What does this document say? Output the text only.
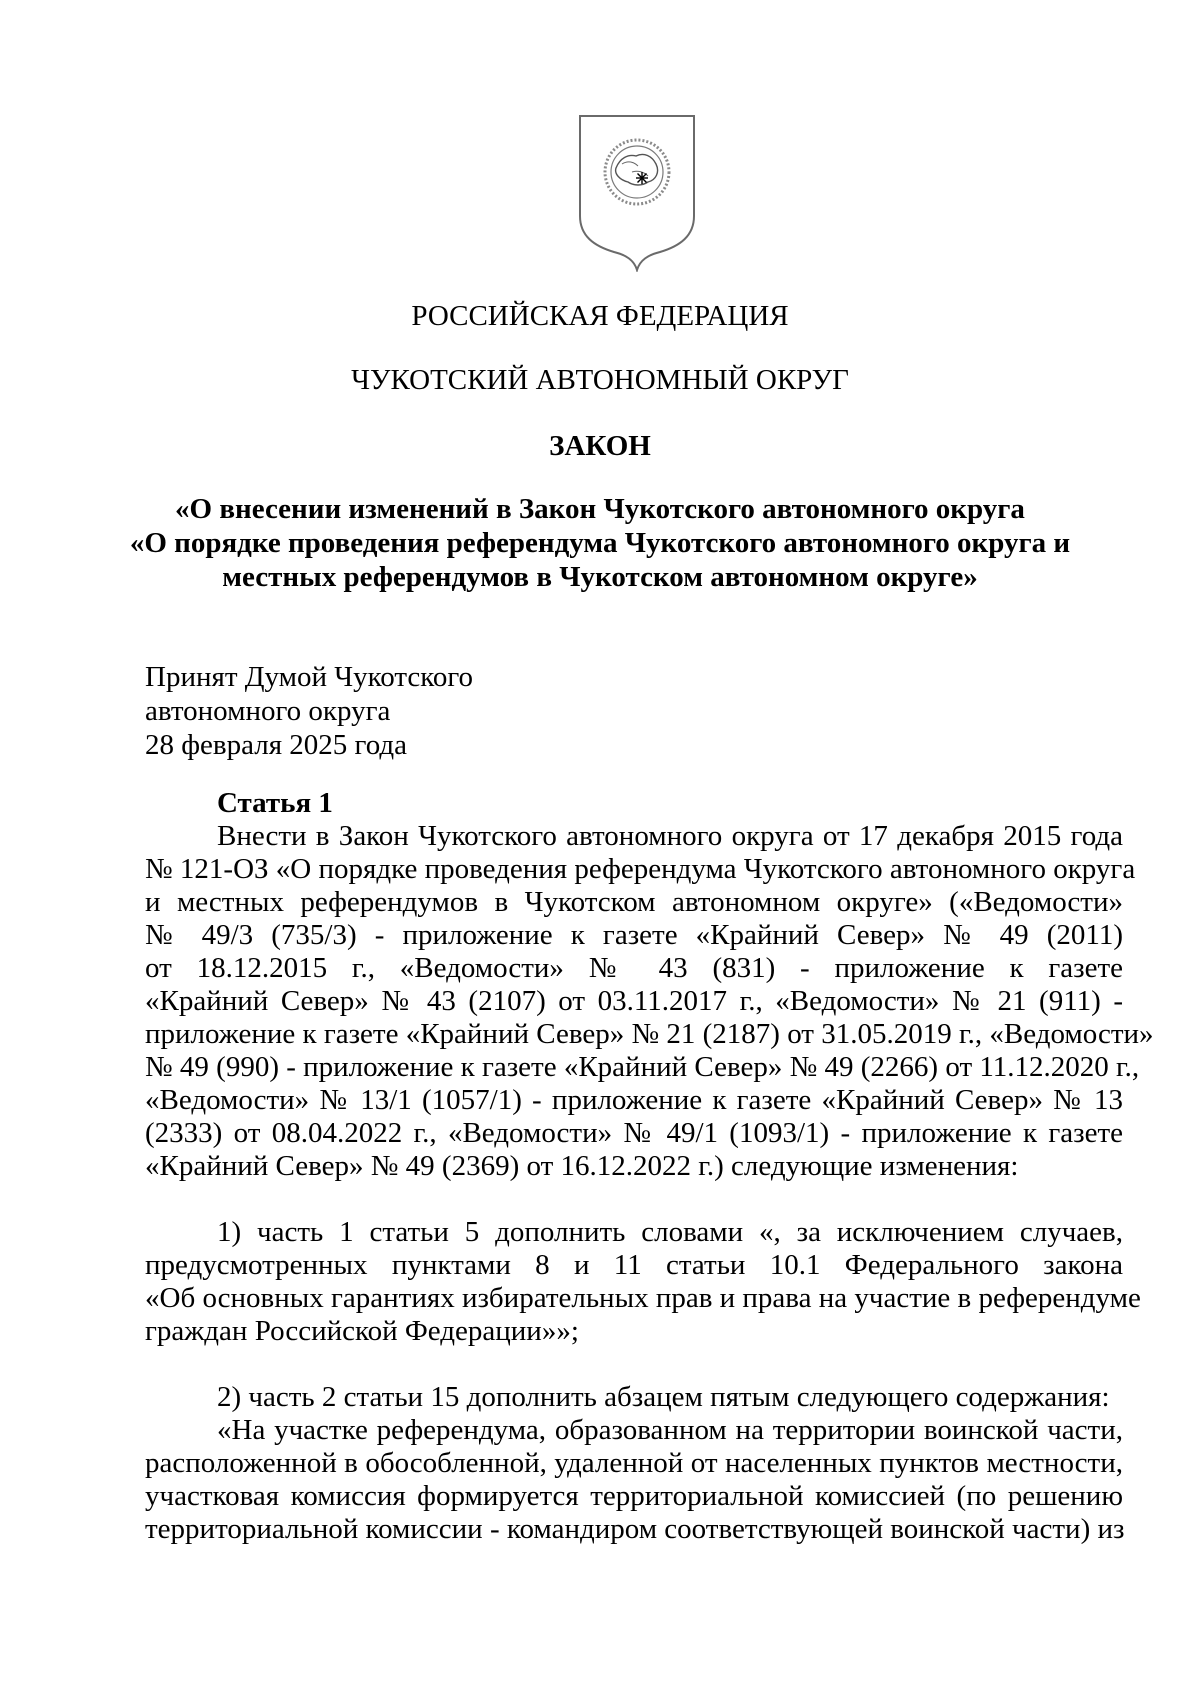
РОССИЙСКАЯ ФЕДЕРАЦИЯ
ЧУКОТСКИЙ АВТОНОМНЫЙ ОКРУГ
ЗАКОН
«О внесении изменений в Закон Чукотского автономного округа
«О порядке проведения референдума Чукотского автономного округа и
местных референдумов в Чукотском автономном округе»
Принят Думой Чукотского
автономного округа
28 февраля 2025 года
Статья 1
Внести в Закон Чукотского автономного округа от 17 декабря 2015 года
№ 121-ОЗ «О порядке проведения референдума Чукотского автономного округа
и местных референдумов в Чукотском автономном округе» («Ведомости»
№ 49/3 (735/3) - приложение к газете «Крайний Север» № 49 (2011)
от 18.12.2015 г., «Ведомости» № 43 (831) - приложение к газете
«Крайний Север» № 43 (2107) от 03.11.2017 г., «Ведомости» № 21 (911) -
приложение к газете «Крайний Север» № 21 (2187) от 31.05.2019 г., «Ведомости»
№ 49 (990) - приложение к газете «Крайний Север» № 49 (2266) от 11.12.2020 г.,
«Ведомости» № 13/1 (1057/1) - приложение к газете «Крайний Север» № 13
(2333) от 08.04.2022 г., «Ведомости» № 49/1 (1093/1) - приложение к газете
«Крайний Север» № 49 (2369) от 16.12.2022 г.) следующие изменения:
1) часть 1 статьи 5 дополнить словами «, за исключением случаев,
предусмотренных пунктами 8 и 11 статьи 10.1 Федерального закона
«Об основных гарантиях избирательных прав и права на участие в референдуме
граждан Российской Федерации»»;
2) часть 2 статьи 15 дополнить абзацем пятым следующего содержания:
«На участке референдума, образованном на территории воинской части,
расположенной в обособленной, удаленной от населенных пунктов местности,
участковая комиссия формируется территориальной комиссией (по решению
территориальной комиссии - командиром соответствующей воинской части) из
